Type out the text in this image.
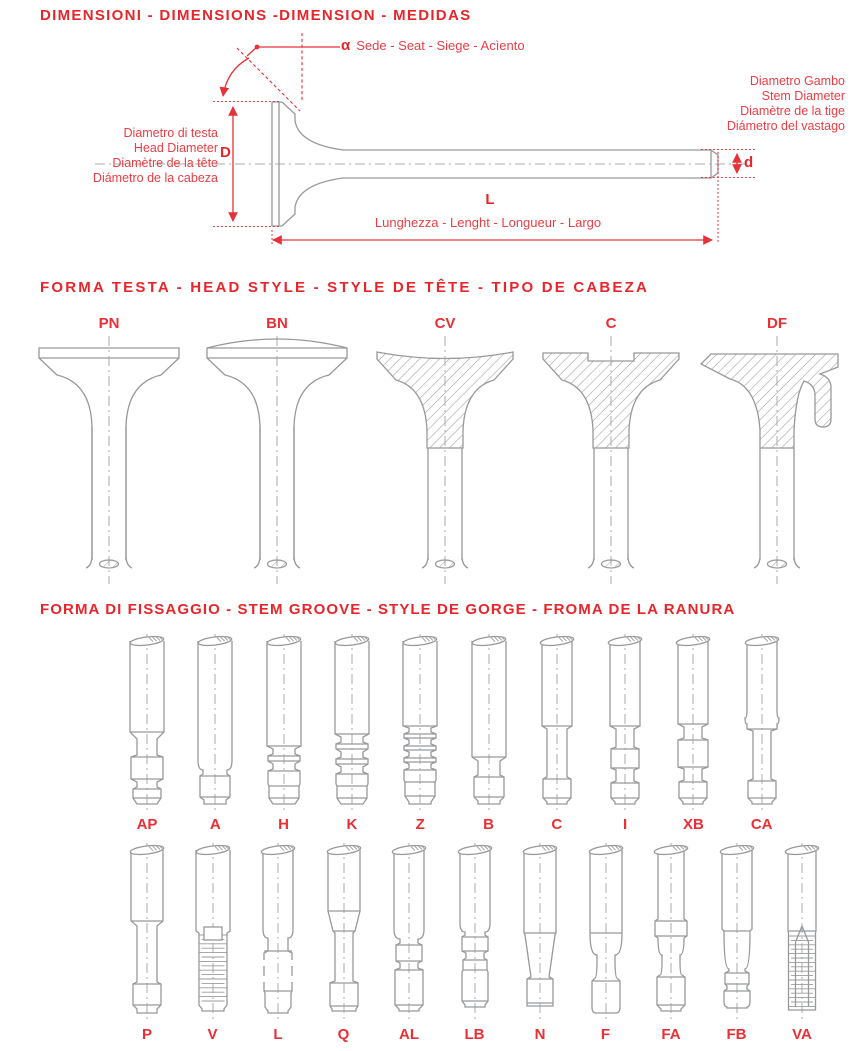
DIMENSIONI - DIMENSIONS -DIMENSION - MEDIDAS
α Sede - Seat - Siege - Acìento
Diametro Gambo
Stem Diameter
Diamètre de la tige
Diámetro del vastago
d
Diametro di testa
Head Diameter
Diamètre de la tête
Diámetro de la cabeza
D
L
Lunghezza - Lenght - Longueur - Largo
FORMA TESTA - HEAD STYLE - STYLE DE TÊTE - TIPO DE CABEZA
PN	BN	CV	C	DF
FORMA DI FISSAGGIO - STEM GROOVE - STYLE DE GORGE - FROMA DE LA RANURA
AP	A	H	K	Z	B	C	I	XB	CA
P	V	L	Q	AL	LB	N	F	FA	FB	VA
